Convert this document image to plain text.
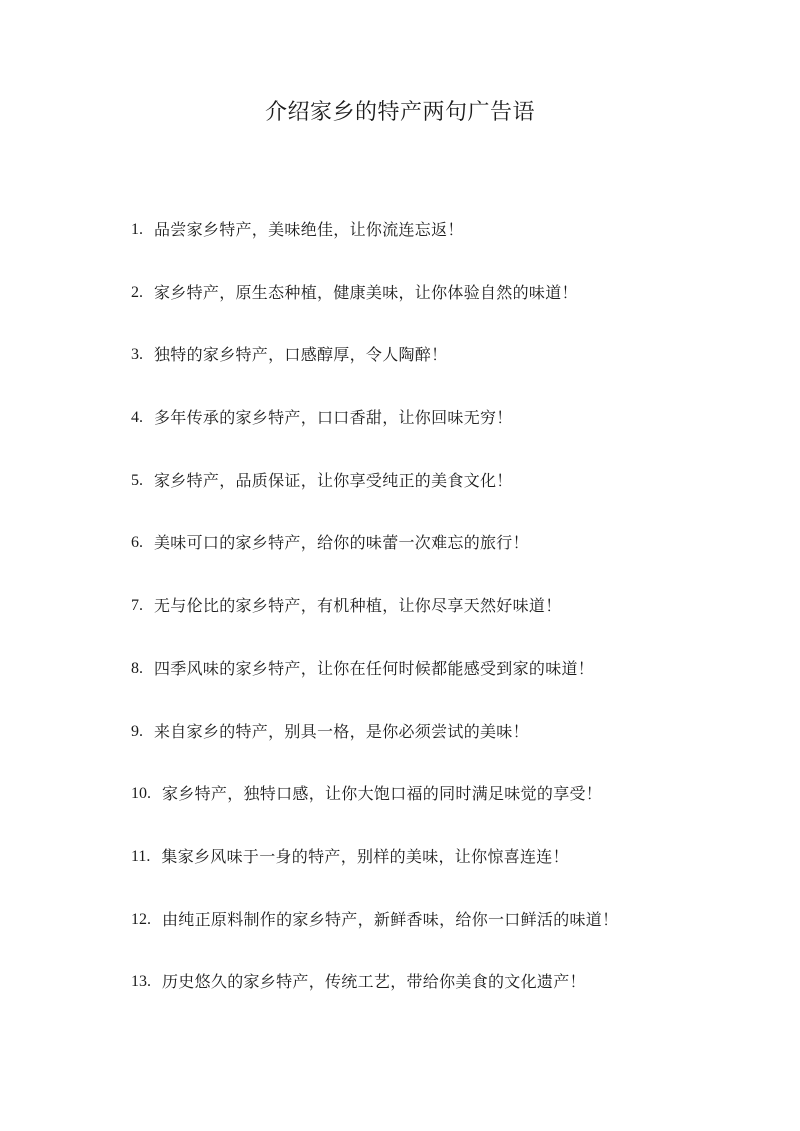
介绍家乡的特产两句广告语
1. 品尝家乡特产，美味绝佳，让你流连忘返！
2. 家乡特产，原生态种植，健康美味，让你体验自然的味道！
3. 独特的家乡特产，口感醇厚，令人陶醉！
4. 多年传承的家乡特产，口口香甜，让你回味无穷！
5. 家乡特产，品质保证，让你享受纯正的美食文化！
6. 美味可口的家乡特产，给你的味蕾一次难忘的旅行！
7. 无与伦比的家乡特产，有机种植，让你尽享天然好味道！
8. 四季风味的家乡特产，让你在任何时候都能感受到家的味道！
9. 来自家乡的特产，别具一格，是你必须尝试的美味！
10. 家乡特产，独特口感，让你大饱口福的同时满足味觉的享受！
11. 集家乡风味于一身的特产，别样的美味，让你惊喜连连！
12. 由纯正原料制作的家乡特产，新鲜香味，给你一口鲜活的味道！
13. 历史悠久的家乡特产，传统工艺，带给你美食的文化遗产！
